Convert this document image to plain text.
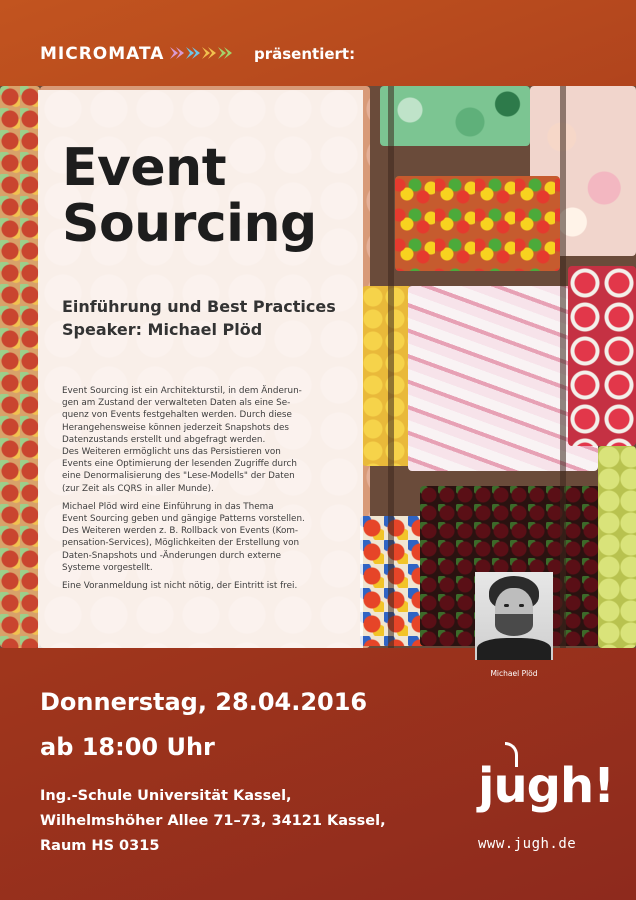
MICROMATA	präsentiert:
Event
Sourcing
Einführung und Best Practices
Speaker: Michael Plöd

Event Sourcing ist ein Architekturstil, in dem Änderun-
gen am Zustand der verwalteten Daten als eine Se-
quenz von Events festgehalten werden. Durch diese
Herangehensweise können jederzeit Snapshots des
Datenzustands erstellt und abgefragt werden.
Des Weiteren ermöglicht uns das Persistieren von
Events eine Optimierung der lesenden Zugriffe durch
eine Denormalisierung des "Lese-Modells" der Daten
(zur Zeit als CQRS in aller Munde).

Michael Plöd wird eine Einführung in das Thema
Event Sourcing geben und gängige Patterns vorstellen.
Des Weiteren werden z. B. Rollback von Events (Kom-
pensation-Services), Möglichkeiten der Erstellung von
Daten-Snapshots und -Änderungen durch externe
Systeme vorgestellt.

Eine Voranmeldung ist nicht nötig, der Eintritt ist frei.

Michael Plöd
Donnerstag, 28.04.2016
ab 18:00 Uhr
Ing.-Schule Universität Kassel,
Wilhelmshöher Allee 71–73, 34121 Kassel,
Raum HS 0315
jugh!
www.jugh.de
